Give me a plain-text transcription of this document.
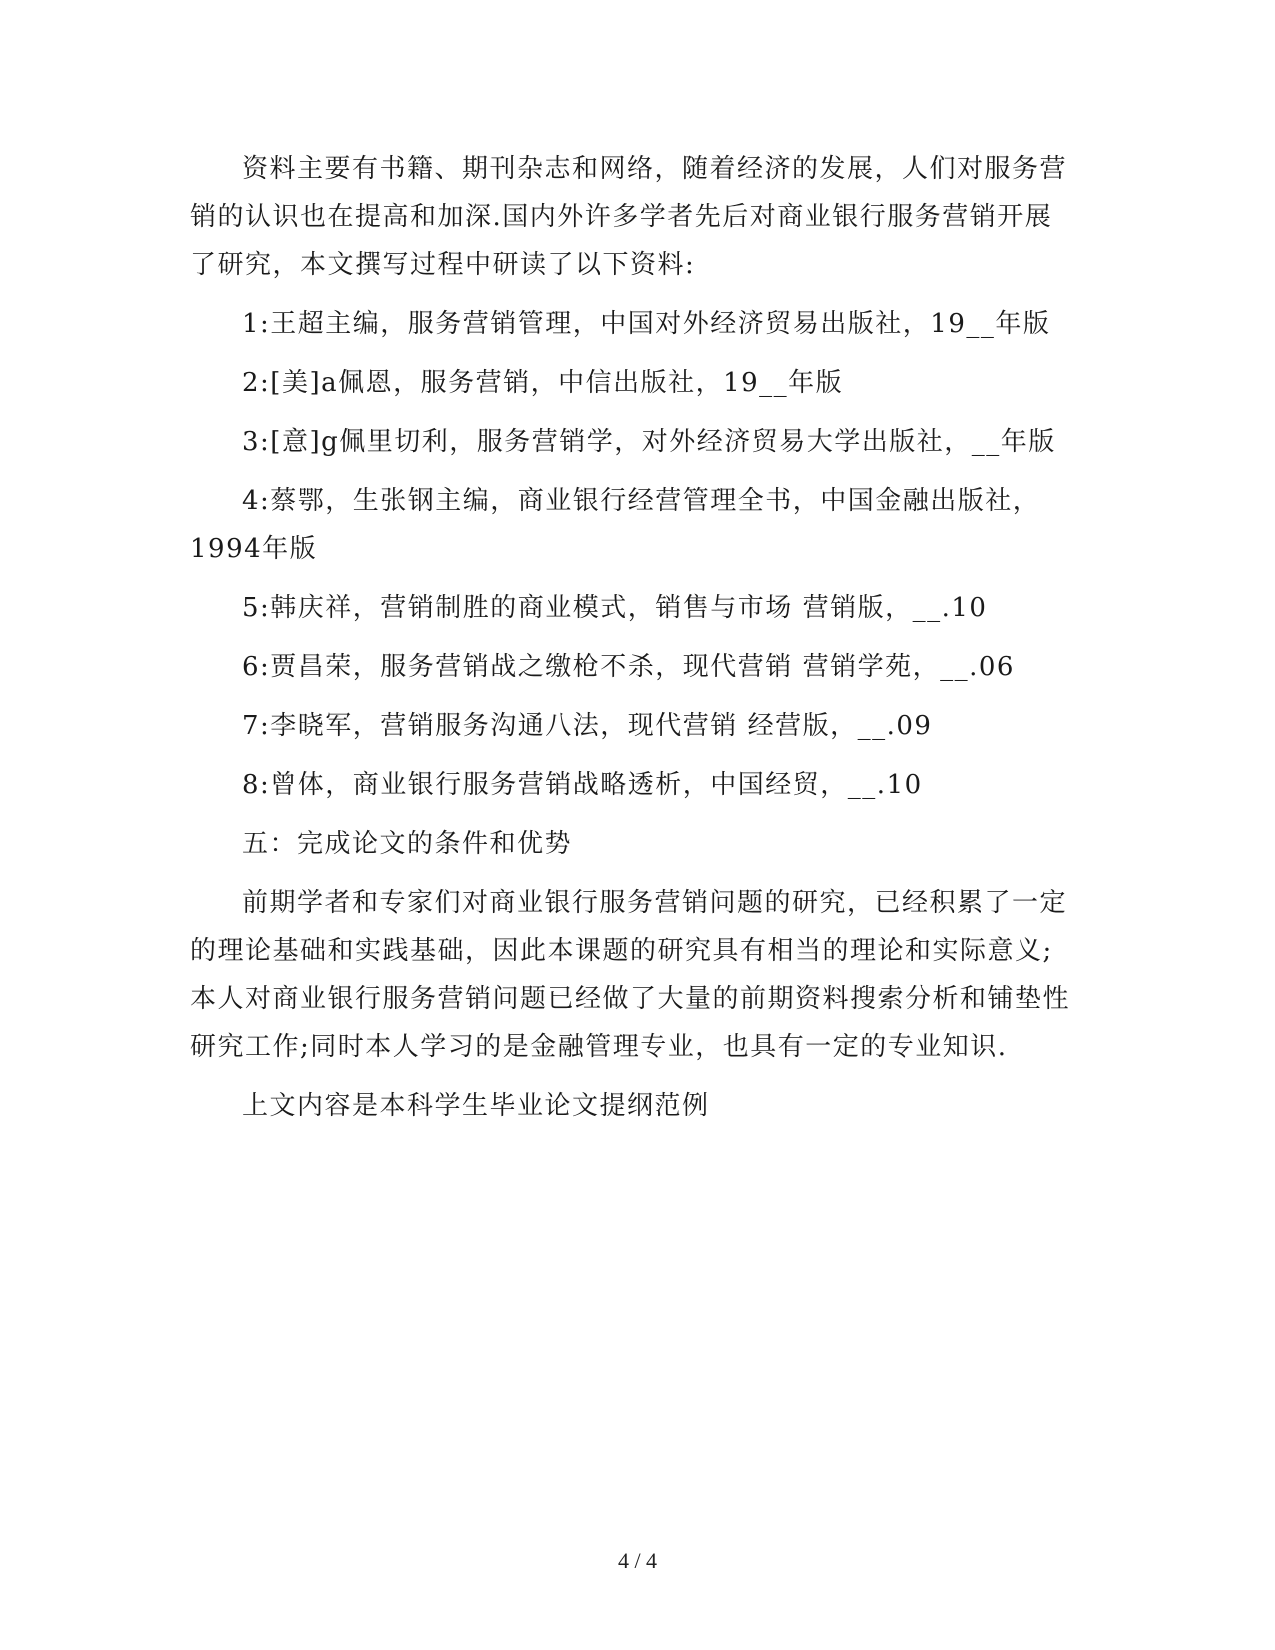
资料主要有书籍、期刊杂志和网络，随着经济的发展，人们对服务营销的认识也在提高和加深.国内外许多学者先后对商业银行服务营销开展了研究，本文撰写过程中研读了以下资料:

1:王超主编，服务营销管理，中国对外经济贸易出版社，19__年版

2:[美]a佩恩，服务营销，中信出版社，19__年版

3:[意]g佩里切利，服务营销学，对外经济贸易大学出版社，__年版

4:蔡鄂，生张钢主编，商业银行经营管理全书，中国金融出版社，1994年版

5:韩庆祥，营销制胜的商业模式，销售与市场 营销版，__.10

6:贾昌荣，服务营销战之缴枪不杀，现代营销 营销学苑，__.06

7:李晓军，营销服务沟通八法，现代营销 经营版，__.09

8:曾体，商业银行服务营销战略透析，中国经贸，__.10

五：完成论文的条件和优势

前期学者和专家们对商业银行服务营销问题的研究，已经积累了一定的理论基础和实践基础，因此本课题的研究具有相当的理论和实际意义;本人对商业银行服务营销问题已经做了大量的前期资料搜索分析和铺垫性研究工作;同时本人学习的是金融管理专业，也具有一定的专业知识.

上文内容是本科学生毕业论文提纲范例

4 / 4
